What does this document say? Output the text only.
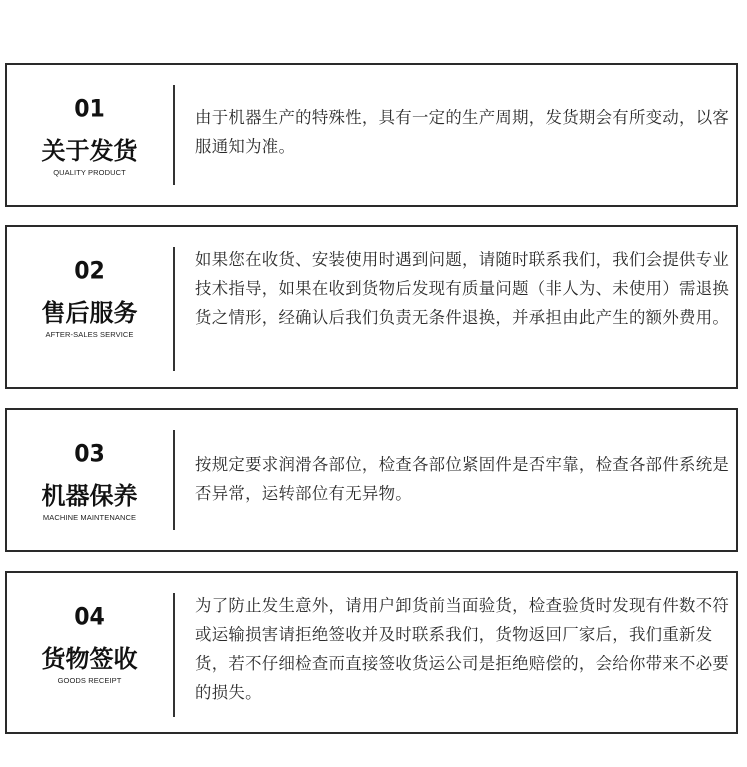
01
关于发货
QUALITY PRODUCT
由于机器生产的特殊性，具有一定的生产周期，发货期会有所变动，以客服通知为准。
02
售后服务
AFTER-SALES SERVICE
如果您在收货、安装使用时遇到问题，请随时联系我们，我们会提供专业技术指导，如果在收到货物后发现有质量问题（非人为、未使用）需退换货之情形，经确认后我们负责无条件退换，并承担由此产生的额外费用。
03
机器保养
MACHINE MAINTENANCE
按规定要求润滑各部位，检查各部位紧固件是否牢靠，检查各部件系统是否异常，运转部位有无异物。
04
货物签收
GOODS RECEIPT
为了防止发生意外，请用户卸货前当面验货，检查验货时发现有件数不符或运输损害请拒绝签收并及时联系我们，货物返回厂家后，我们重新发货，若不仔细检查而直接签收货运公司是拒绝赔偿的，会给你带来不必要的损失。
